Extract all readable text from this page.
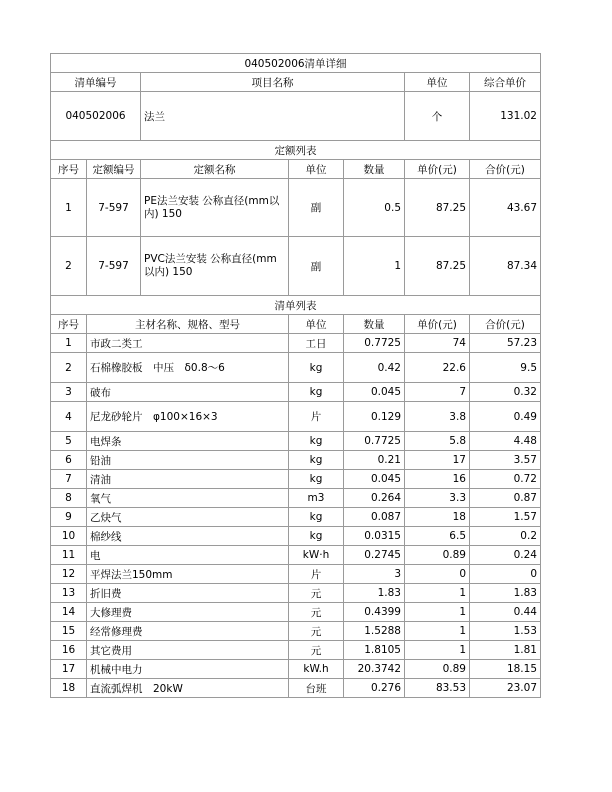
040502006清单详细						
清单编号		项目名称			单位	综合单价
040502006		法兰			个	131.02
定额列表						
序号	定额编号	定额名称	单位	数量	单价(元)	合价(元)
1	7-597	PE法兰安装 公称直径(mm以内) 150	副	0.5	87.25	43.67
2	7-597	PVC法兰安装 公称直径(mm以内) 150	副	1	87.25	87.34
清单列表						
序号	主材名称、规格、型号		单位	数量	单价(元)	合价(元)
1	市政二类工		工日	0.7725	74	57.23
2	石棉橡胶板　中压　δ0.8～6		kg	0.42	22.6	9.5
3	破布		kg	0.045	7	0.32
4	尼龙砂轮片　φ100×16×3		片	0.129	3.8	0.49
5	电焊条		kg	0.7725	5.8	4.48
6	铅油		kg	0.21	17	3.57
7	清油		kg	0.045	16	0.72
8	氧气		m3	0.264	3.3	0.87
9	乙炔气		kg	0.087	18	1.57
10	棉纱线		kg	0.0315	6.5	0.2
11	电		kW·h	0.2745	0.89	0.24
12	平焊法兰150mm		片	3	0	0
13	折旧费		元	1.83	1	1.83
14	大修理费		元	0.4399	1	0.44
15	经常修理费		元	1.5288	1	1.53
16	其它费用		元	1.8105	1	1.81
17	机械中电力		kW.h	20.3742	0.89	18.15
18	直流弧焊机　20kW		台班	0.276	83.53	23.07
